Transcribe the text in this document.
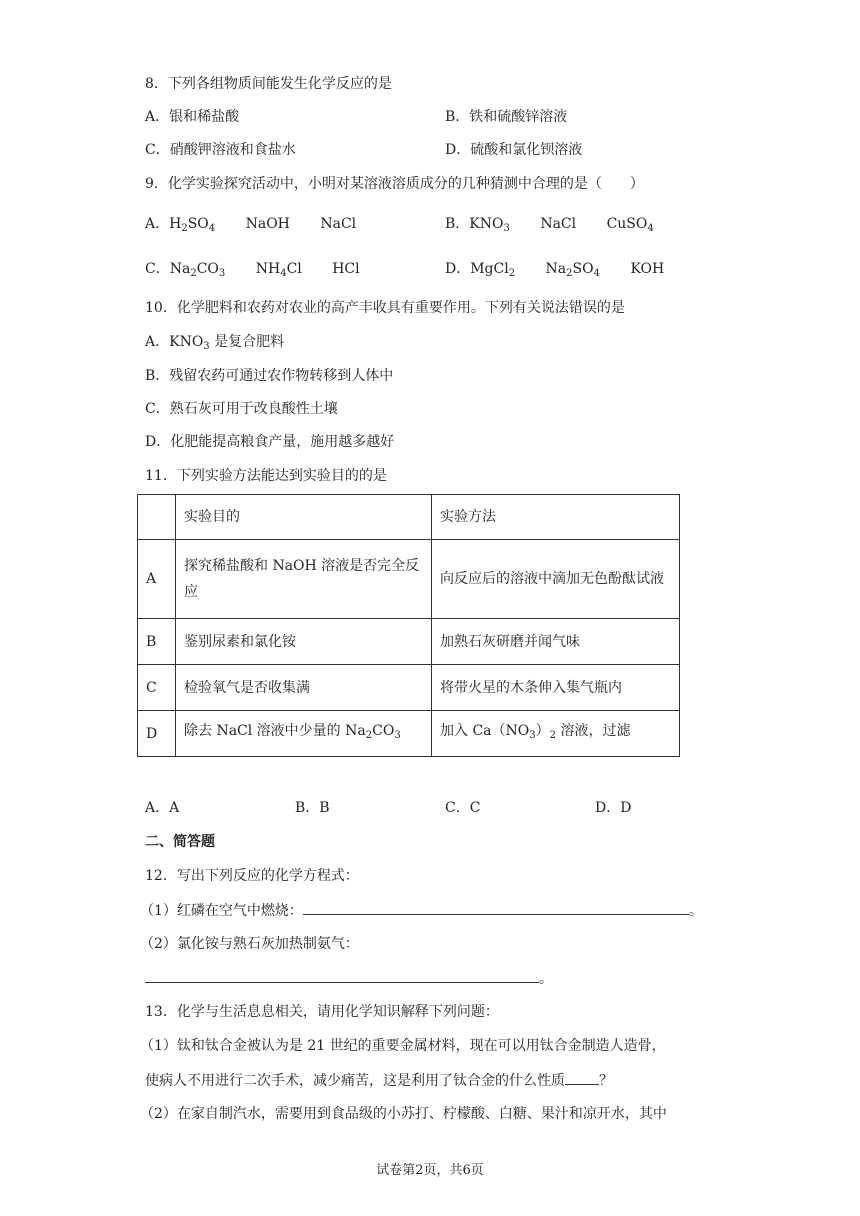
8．下列各组物质间能发生化学反应的是
A．银和稀盐酸	B．铁和硫酸锌溶液
C．硝酸钾溶液和食盐水	D．硫酸和氯化钡溶液
9．化学实验探究活动中，小明对某溶液溶质成分的几种猜测中合理的是（　　）
A．$H_2SO_4$ NaOH NaCl	B．$KNO_3$ NaCl CuSO$_4$
C．$Na_2CO_3$ $NH_4Cl$ HCl	D．MgCl$_2$ $Na_2SO_4$ KOH
10．化学肥料和农药对农业的高产丰收具有重要作用。下列有关说法错误的是
A．$KNO_3$ 是复合肥料
B．残留农药可通过农作物转移到人体中
C．熟石灰可用于改良酸性土壤
D．化肥能提高粮食产量，施用越多越好
11．下列实验方法能达到实验目的的是
	实验目的	实验方法
A	探究稀盐酸和 NaOH 溶液是否完全反应	向反应后的溶液中滴加无色酚酞试液
B	鉴别尿素和氯化铵	加熟石灰研磨并闻气味
C	检验氧气是否收集满	将带火星的木条伸入集气瓶内
D	除去 NaCl 溶液中少量的 $Na_2CO_3$	加入 $Ca(NO_3)_2$ 溶液，过滤
A．A	B．B	C．C	D．D
二、简答题
12．写出下列反应的化学方程式：
（1）红磷在空气中燃烧：	。
（2）氯化铵与熟石灰加热制氨气：
。
13．化学与生活息息相关，请用化学知识解释下列问题：
（1）钛和钛合金被认为是 21 世纪的重要金属材料，现在可以用钛合金制造人造骨，
使病人不用进行二次手术，减少痛苦，这是利用了钛合金的什么性质 ？
（2）在家自制汽水，需要用到食品级的小苏打、柠檬酸、白糖、果汁和凉开水，其中
试卷第2页，共6页
